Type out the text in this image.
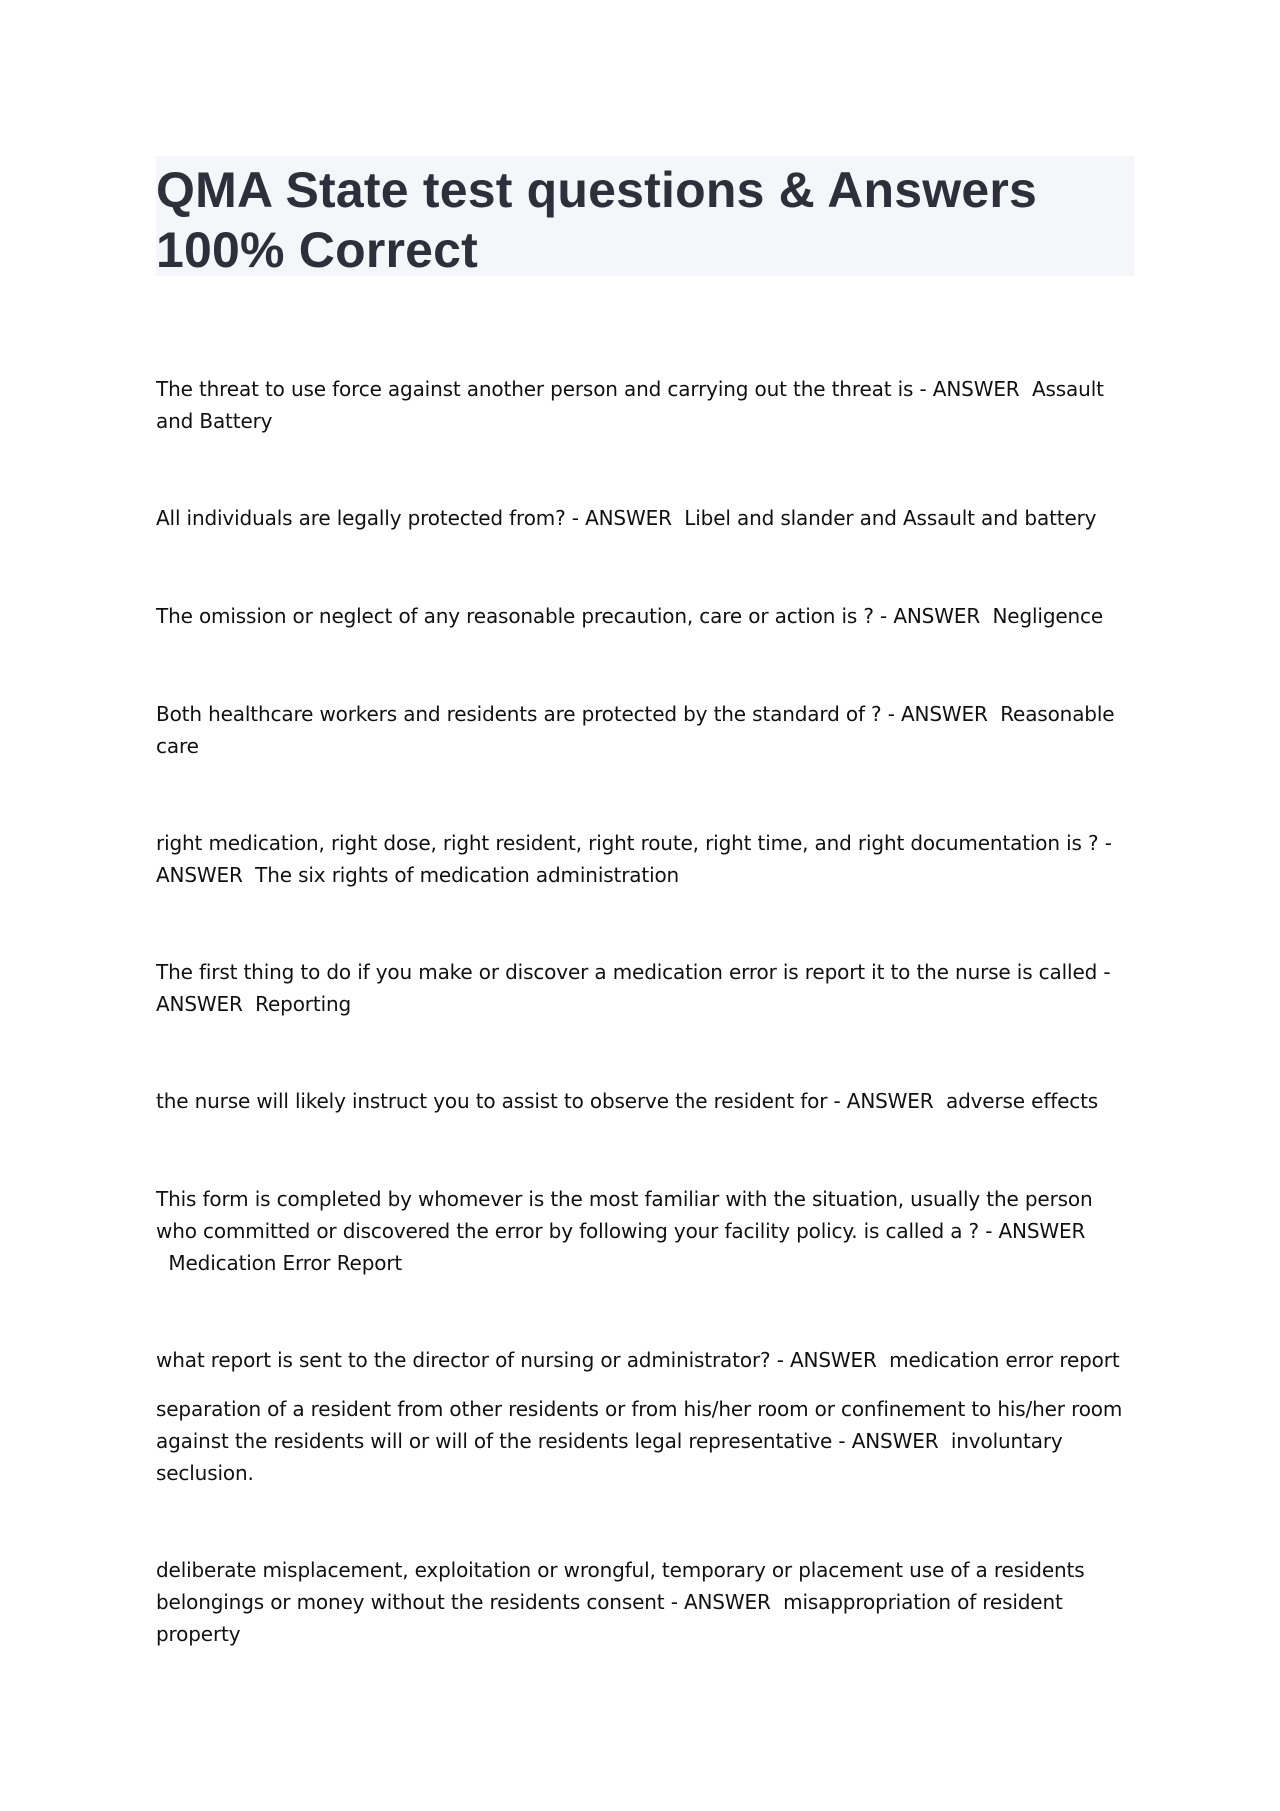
QMA State test questions & Answers
100% Correct

The threat to use force against another person and carrying out the threat is - ANSWER Assault and Battery

All individuals are legally protected from? - ANSWER Libel and slander and Assault and battery

The omission or neglect of any reasonable precaution, care or action is ? - ANSWER Negligence

Both healthcare workers and residents are protected by the standard of ? - ANSWER Reasonable care

right medication, right dose, right resident, right route, right time, and right documentation is ? - ANSWER The six rights of medication administration

The first thing to do if you make or discover a medication error is report it to the nurse is called - ANSWER Reporting

the nurse will likely instruct you to assist to observe the resident for - ANSWER adverse effects

This form is completed by whomever is the most familiar with the situation, usually the person who committed or discovered the error by following your facility policy. is called a ? - ANSWER  Medication Error Report

what report is sent to the director of nursing or administrator? - ANSWER medication error report

separation of a resident from other residents or from his/her room or confinement to his/her room against the residents will or will of the residents legal representative - ANSWER involuntary seclusion.

deliberate misplacement, exploitation or wrongful, temporary or placement use of a residents belongings or money without the residents consent - ANSWER misappropriation of resident property
